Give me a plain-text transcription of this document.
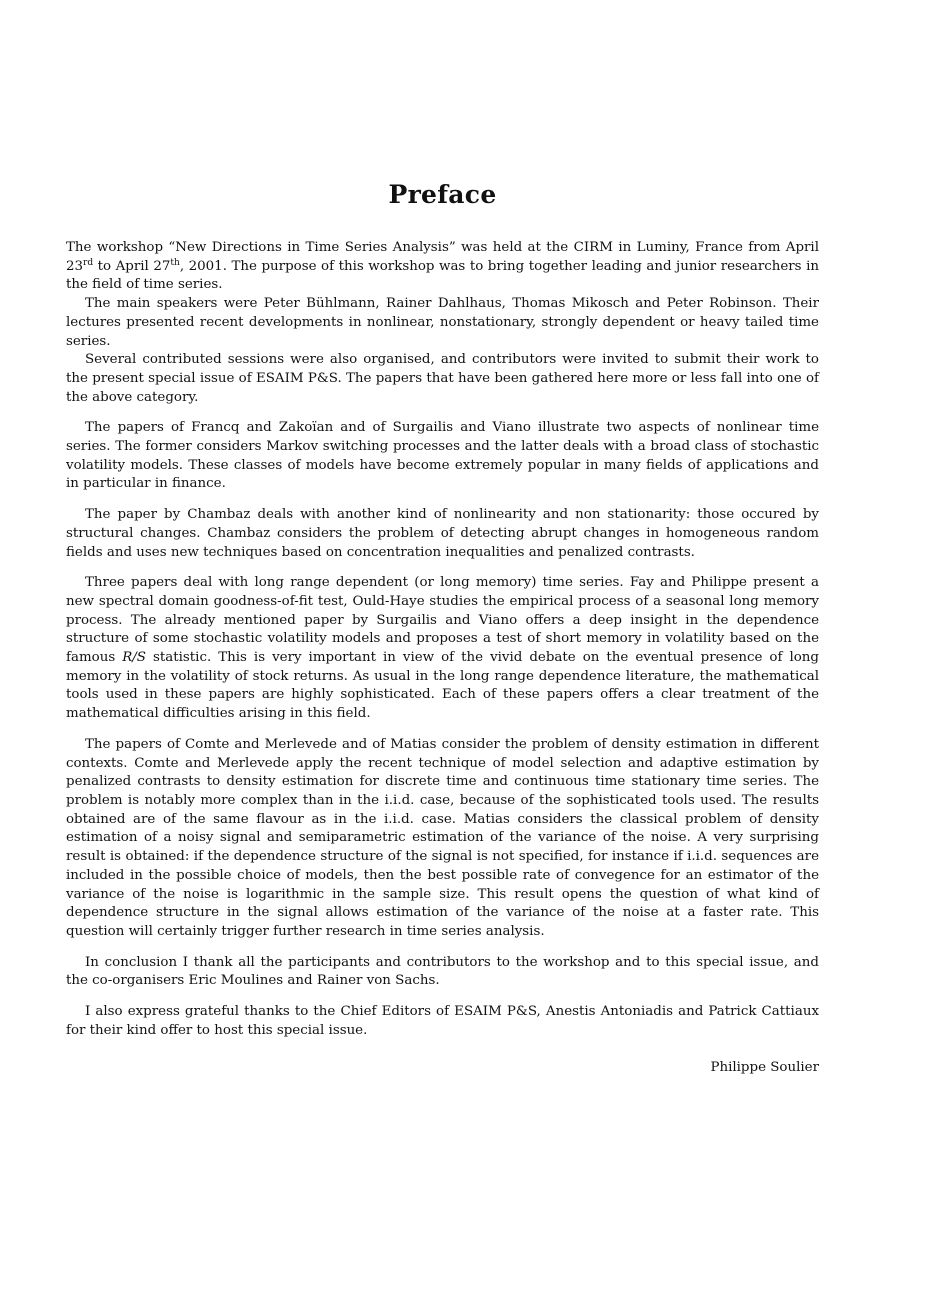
Preface

The workshop “New Directions in Time Series Analysis” was held at the CIRM in Luminy, France from April 23rd to April 27th, 2001. The purpose of this workshop was to bring together leading and junior researchers in the field of time series.

The main speakers were Peter Bühlmann, Rainer Dahlhaus, Thomas Mikosch and Peter Robinson. Their lectures presented recent developments in nonlinear, nonstationary, strongly dependent or heavy tailed time series.

Several contributed sessions were also organised, and contributors were invited to submit their work to the present special issue of ESAIM P&S. The papers that have been gathered here more or less fall into one of the above category.

The papers of Francq and Zakoïan and of Surgailis and Viano illustrate two aspects of nonlinear time series. The former considers Markov switching processes and the latter deals with a broad class of stochastic volatility models. These classes of models have become extremely popular in many fields of applications and in particular in finance.

The paper by Chambaz deals with another kind of nonlinearity and non stationarity: those occured by structural changes. Chambaz considers the problem of detecting abrupt changes in homogeneous random fields and uses new techniques based on concentration inequalities and penalized contrasts.

Three papers deal with long range dependent (or long memory) time series. Fay and Philippe present a new spectral domain goodness-of-fit test, Ould-Haye studies the empirical process of a seasonal long memory process. The already mentioned paper by Surgailis and Viano offers a deep insight in the dependence structure of some stochastic volatility models and proposes a test of short memory in volatility based on the famous R/S statistic. This is very important in view of the vivid debate on the eventual presence of long memory in the volatility of stock returns. As usual in the long range dependence literature, the mathematical tools used in these papers are highly sophisticated. Each of these papers offers a clear treatment of the mathematical difficulties arising in this field.

The papers of Comte and Merlevede and of Matias consider the problem of density estimation in different contexts. Comte and Merlevede apply the recent technique of model selection and adaptive estimation by penalized contrasts to density estimation for discrete time and continuous time stationary time series. The problem is notably more complex than in the i.i.d. case, because of the sophisticated tools used. The results obtained are of the same flavour as in the i.i.d. case. Matias considers the classical problem of density estimation of a noisy signal and semiparametric estimation of the variance of the noise. A very surprising result is obtained: if the dependence structure of the signal is not specified, for instance if i.i.d. sequences are included in the possible choice of models, then the best possible rate of convegence for an estimator of the variance of the noise is logarithmic in the sample size. This result opens the question of what kind of dependence structure in the signal allows estimation of the variance of the noise at a faster rate. This question will certainly trigger further research in time series analysis.

In conclusion I thank all the participants and contributors to the workshop and to this special issue, and the co-organisers Eric Moulines and Rainer von Sachs.

I also express grateful thanks to the Chief Editors of ESAIM P&S, Anestis Antoniadis and Patrick Cattiaux for their kind offer to host this special issue.

Philippe Soulier
